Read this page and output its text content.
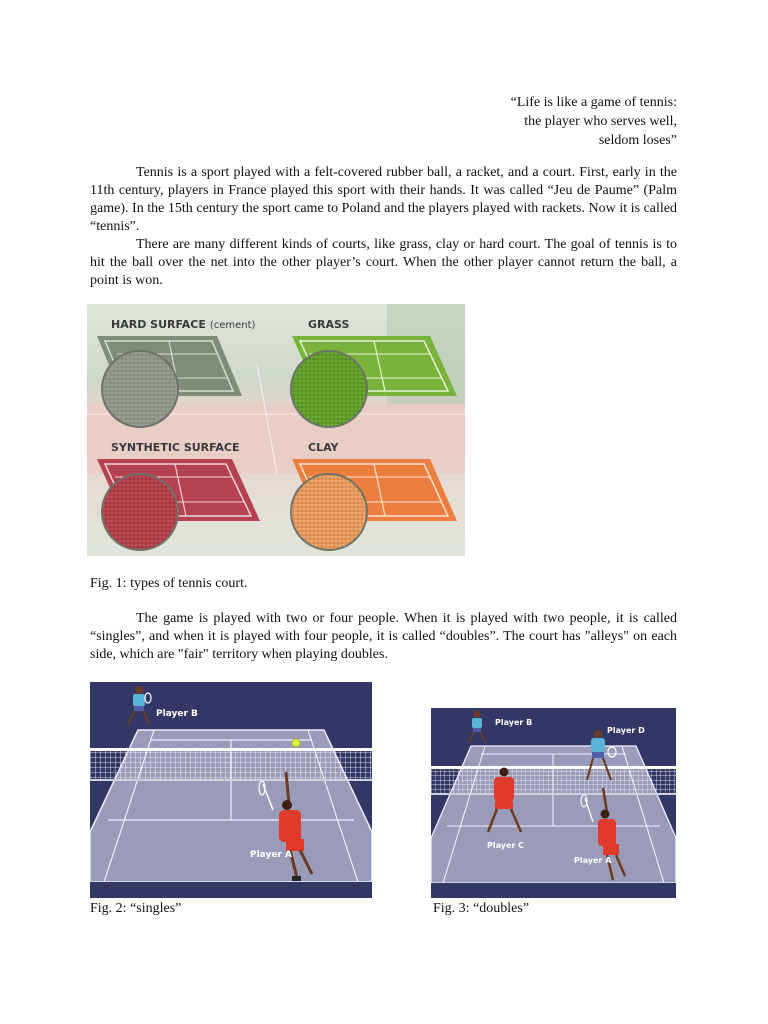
“Life is like a game of tennis:
the player who serves well,
seldom loses”

Tennis is a sport played with a felt-covered rubber ball, a racket, and a court. First, early in the 11th century, players in France played this sport with their hands. It was called “Jeu de Paume” (Palm game). In the 15th century the sport came to Poland and the players played with rackets. Now it is called “tennis”.

There are many different kinds of courts, like grass, clay or hard court. The goal of tennis is to hit the ball over the net into the other player’s court. When the other player cannot return the ball, a point is won.

HARD SURFACE (cement)	GRASS
SYNTHETIC SURFACE	CLAY
Fig. 1: types of tennis court.

The game is played with two or four people. When it is played with two people, it is called “singles”, and when it is played with four people, it is called “doubles”. The court has "alleys" on each side, which are "fair" territory when playing doubles.

Player B
Player A
Player B
Player D
Player C
Player A
Fig. 2: “singles”	Fig. 3: “doubles”
